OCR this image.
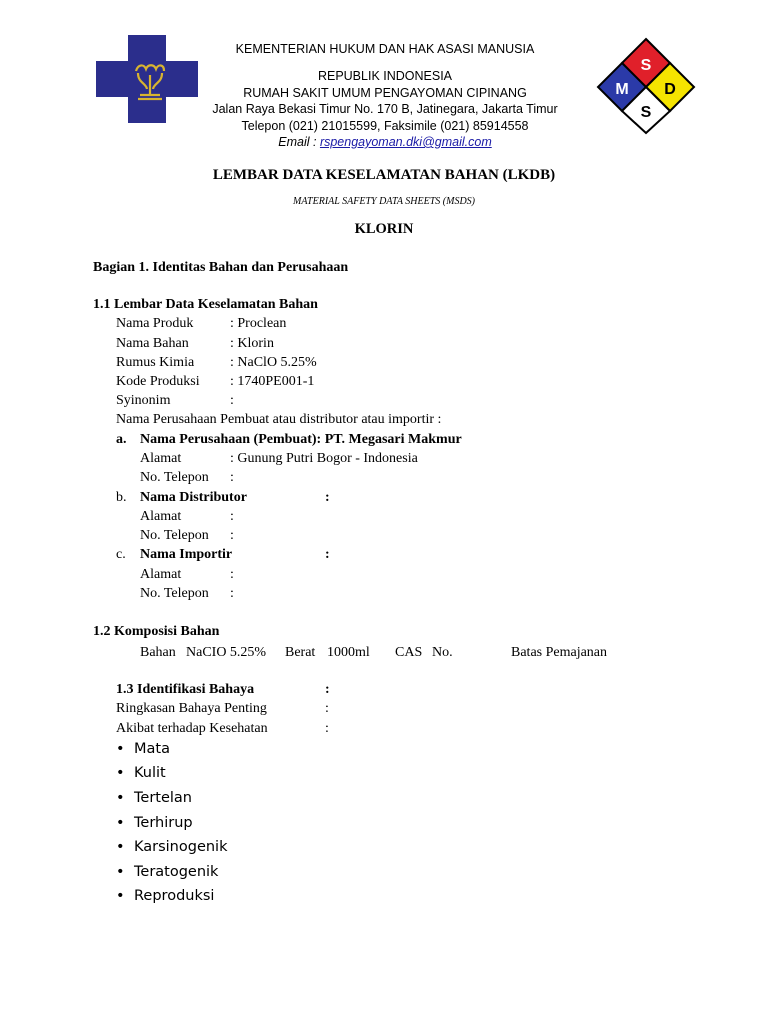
KEMENTERIAN HUKUM DAN HAK ASASI MANUSIA
REPUBLIK INDONESIA
RUMAH SAKIT UMUM PENGAYOMAN CIPINANG
Jalan Raya Bekasi Timur No. 170 B, Jatinegara, Jakarta Timur
Telepon (021) 21015599, Faksimile (021) 85914558
Email : rspengayoman.dki@gmail.com
S
M D
S
LEMBAR DATA KESELAMATAN BAHAN (LKDB)
MATERIAL SAFETY DATA SHEETS (MSDS)
KLORIN
Bagian 1. Identitas Bahan dan Perusahaan
1.1 Lembar Data Keselamatan Bahan
Nama Produk	: Proclean
Nama Bahan	: Klorin
Rumus Kimia	: NaClO 5.25%
Kode Produksi : 1740PE001-1
Syinonim	:
Nama Perusahaan Pembuat atau distributor atau importir :
a. Nama Perusahaan (Pembuat): PT. Megasari Makmur
Alamat	: Gunung Putri Bogor - Indonesia
No. Telepon :
b. Nama Distributor	:
Alamat	:
No. Telepon :
c. Nama Importir	:
Alamat	:
No. Telepon :
1.2 Komposisi Bahan
Bahan NaCIO 5.25% Berat 1000ml CAS No.	Batas Pemajanan
1.3 Identifikasi Bahaya	:
Ringkasan Bahaya Penting	:
Akibat terhadap Kesehatan	:
• Mata
• Kulit
• Tertelan
• Terhirup
• Karsinogenik
• Teratogenik
• Reproduksi
